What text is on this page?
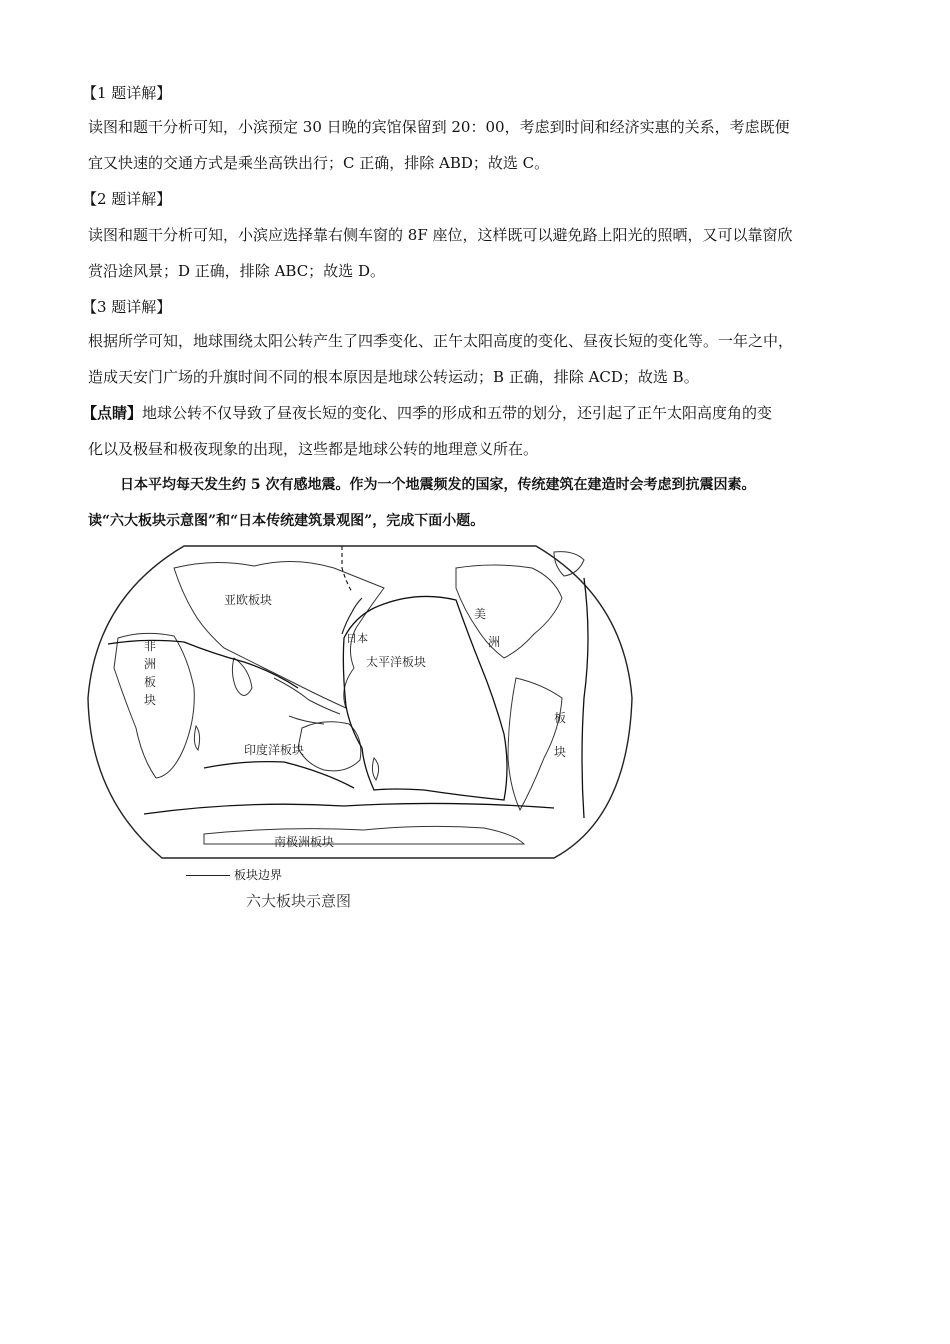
【1 题详解】

读图和题干分析可知，小滨预定 30 日晚的宾馆保留到 20：00，考虑到时间和经济实惠的关系，考虑既便

宜又快速的交通方式是乘坐高铁出行；C 正确，排除 ABD；故选 C。

【2 题详解】

读图和题干分析可知，小滨应选择靠右侧车窗的 8F 座位，这样既可以避免路上阳光的照晒，又可以靠窗欣

赏沿途风景；D 正确，排除 ABC；故选 D。

【3 题详解】

根据所学可知，地球围绕太阳公转产生了四季变化、正午太阳高度的变化、昼夜长短的变化等。一年之中，

造成天安门广场的升旗时间不同的根本原因是地球公转运动；B 正确，排除 ACD；故选 B。

【点睛】地球公转不仅导致了昼夜长短的变化、四季的形成和五带的划分，还引起了正午太阳高度角的变

化以及极昼和极夜现象的出现，这些都是地球公转的地理意义所在。

日本平均每天发生约 5 次有感地震。作为一个地震频发的国家，传统建筑在建造时会考虑到抗震因素。

读“六大板块示意图”和“日本传统建筑景观图”，完成下面小题。

亚欧板块
日本
太平洋板块
非
洲
板
块
美
洲
板
块
印度洋板块
南极洲板块
板块边界
六大板块示意图
